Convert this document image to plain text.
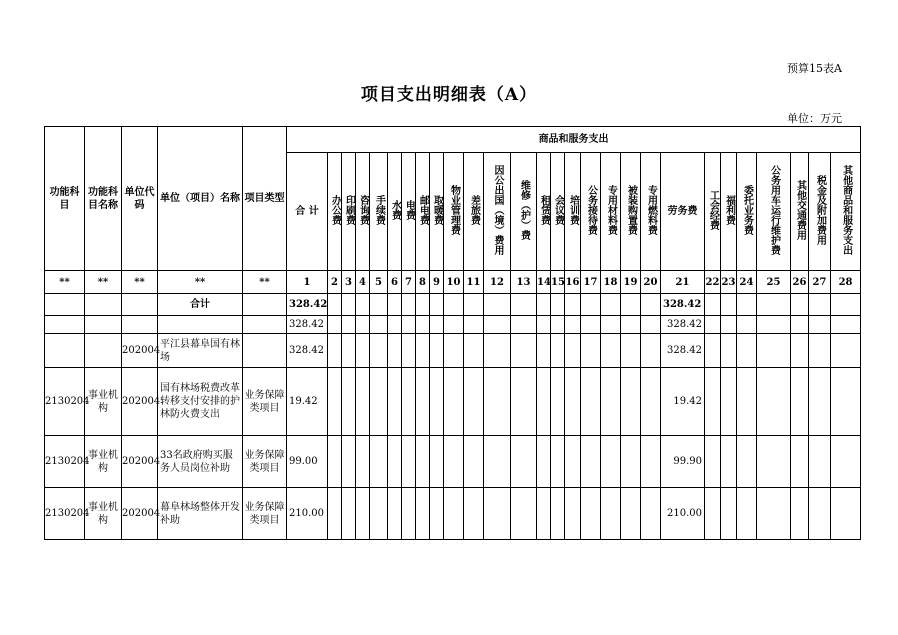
预算15表A
项目支出明细表（A）
单位：万元
功能科目	功能科目名称	单位代码	单位（项目）名称	项目类型	商品和服务支出																											

					合 计	办公费	印刷费	咨询费	手续费	水费	电费	邮电费	取暖费	物业管理费	差旅费	因公出国（境）费用	维修（护）费	租赁费	会议费	培训费	公务接待费	专用材料费	被装购置费	专用燃料费	劳务费	工会经费	福利费	委托业务费	公务用车运行维护费	其他交通费用	税金及附加费用	其他商品和服务支出
**	**	**	**	**	1	2	3	4	5	6	7	8	9	10	11	12	13	14	15	16	17	18	19	20	21	22	23	24	25	26	27	28
			合计		328.42																				328.42							
					328.42																				328.42							
		202004	平江县幕阜国有林场		328.42																				328.42							
2130204	事业机构	202004	国有林场税费改革转移支付安排的护林防火费支出	业务保障类项目	19.42																				19.42							
2130204	事业机构	202004	33名政府购买服务人员岗位补助	业务保障类项目	99.00																				99.90							
2130204	事业机构	202004	幕阜林场整体开发补助	业务保障类项目	210.00																				210.00							
